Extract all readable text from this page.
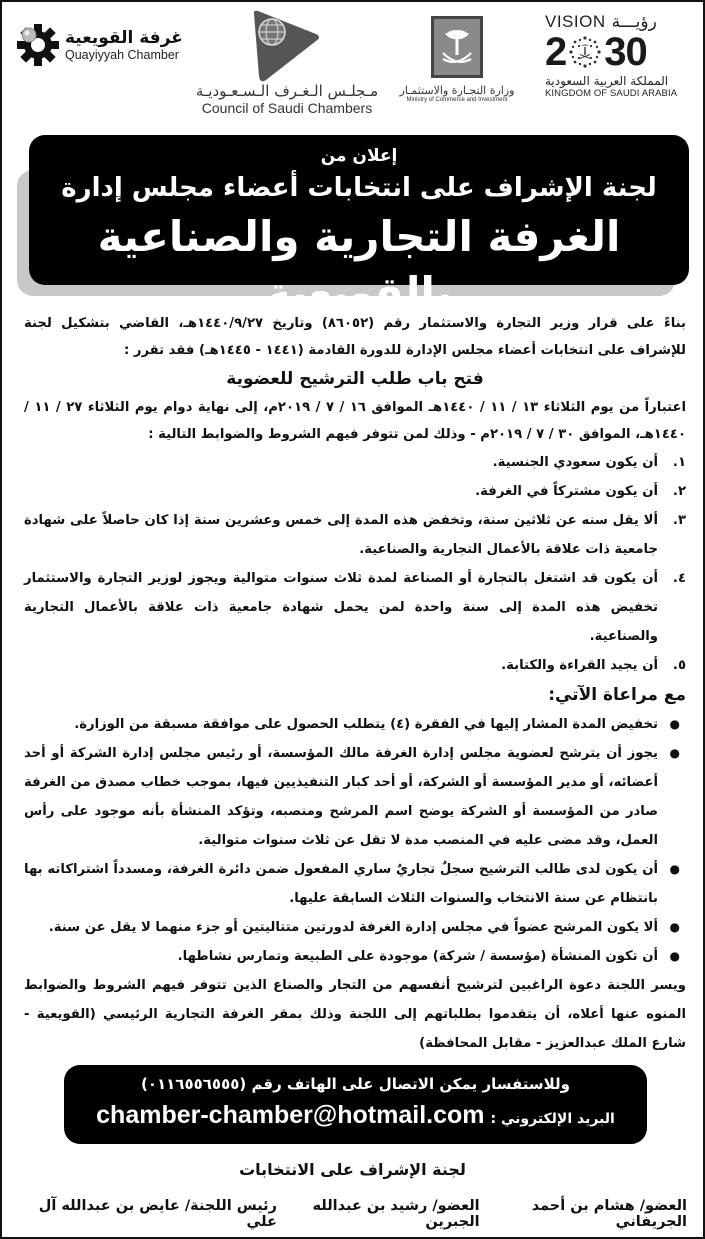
VISION رؤيـــة
2 30
المملكة العربية السعودية
KINGDOM OF SAUDI ARABIA
وزارة التجـارة والاستثمـار
Ministry of Commerce and Investment
مـجلـس الـغـرف الـسـعـوديـة
Council of Saudi Chambers
غرفة القويعية
Quayiyyah Chamber
إعلان من
لجنة الإشراف على انتخابات أعضاء مجلس إدارة
الغرفة التجارية والصناعية بالقويعية

بناءً على قرار وزير التجارة والاستثمار رقم (٨٦٠٥٢) وتاريخ ١٤٤٠/٩/٢٧هـ، القاضي بتشكيل لجنة للإشراف على انتخابات أعضاء مجلس الإدارة للدورة القادمة (١٤٤١ - ١٤٤٥هـ) فقد تقرر :

فتح باب طلب الترشيح للعضوية

اعتباراً من يوم الثلاثاء ١٣ / ١١ / ١٤٤٠هـ الموافق ١٦ / ٧ / ٢٠١٩م، إلى نهاية دوام يوم الثلاثاء ٢٧ / ١١ / ١٤٤٠هـ، الموافق ٣٠ / ٧ / ٢٠١٩م - وذلك لمن تتوفر فيهم الشروط والضوابط التالية :

١.
أن يكون سعودي الجنسية.
٢.
أن يكون مشتركاً في الغرفة.
٣.
ألا يقل سنه عن ثلاثين سنة، وتخفض هذه المدة إلى خمس وعشرين سنة إذا كان حاصلاً على شهادة جامعية ذات علاقة بالأعمال التجارية والصناعية.
٤.
أن يكون قد اشتغل بالتجارة أو الصناعة لمدة ثلاث سنوات متوالية ويجوز لوزير التجارة والاستثمار تخفيض هذه المدة إلى سنة واحدة لمن يحمل شهادة جامعية ذات علاقة بالأعمال التجارية والصناعية.
٥.
أن يجيد القراءة والكتابة.
مع مراعاة الآتي:
●
تخفيض المدة المشار إليها في الفقرة (٤) يتطلب الحصول على موافقة مسبقة من الوزارة.
●
يجوز أن يترشح لعضوية مجلس إدارة الغرفة مالك المؤسسة، أو رئيس مجلس إدارة الشركة أو أحد أعضائه، أو مدير المؤسسة أو الشركة، أو أحد كبار التنفيذيين فيها، بموجب خطاب مصدق من الغرفة صادر من المؤسسة أو الشركة يوضح اسم المرشح ومنصبه، وتؤكد المنشأة بأنه موجود على رأس العمل، وقد مضى عليه في المنصب مدة لا تقل عن ثلاث سنوات متوالية.
●
أن يكون لدى طالب الترشيح سجلٌ تجاريٌ ساري المفعول ضمن دائرة الغرفة، ومسدداً اشتراكاته بها بانتظام عن سنة الانتخاب والسنوات الثلاث السابقة عليها.
●
ألا يكون المرشح عضواً في مجلس إدارة الغرفة لدورتين متتاليتين أو جزء منهما لا يقل عن سنة.
●
أن تكون المنشأة (مؤسسة / شركة) موجودة على الطبيعة وتمارس نشاطها.

ويسر اللجنة دعوة الراغبين لترشيح أنفسهم من التجار والصناع الذين تتوفر فيهم الشروط والضوابط المنوه عنها أعلاه، أن يتقدموا بطلباتهم إلى اللجنة وذلك بمقر الغرفة التجارية الرئيسي (القويعية - شارع الملك عبدالعزيز - مقابل المحافظة)

وللاستفسار يمكن الاتصال على الهاتف رقم (٠١١٦٥٥٦٥٥٥)
البريد الإلكتروني :
chamber-chamber@hotmail.com
لجنة الإشراف على الانتخابات
العضو/ هشام بن أحمد الجريفاني
العضو/ رشيد بن عبدالله الجبرين
رئيس اللجنة/ عايض بن عبدالله آل علي
